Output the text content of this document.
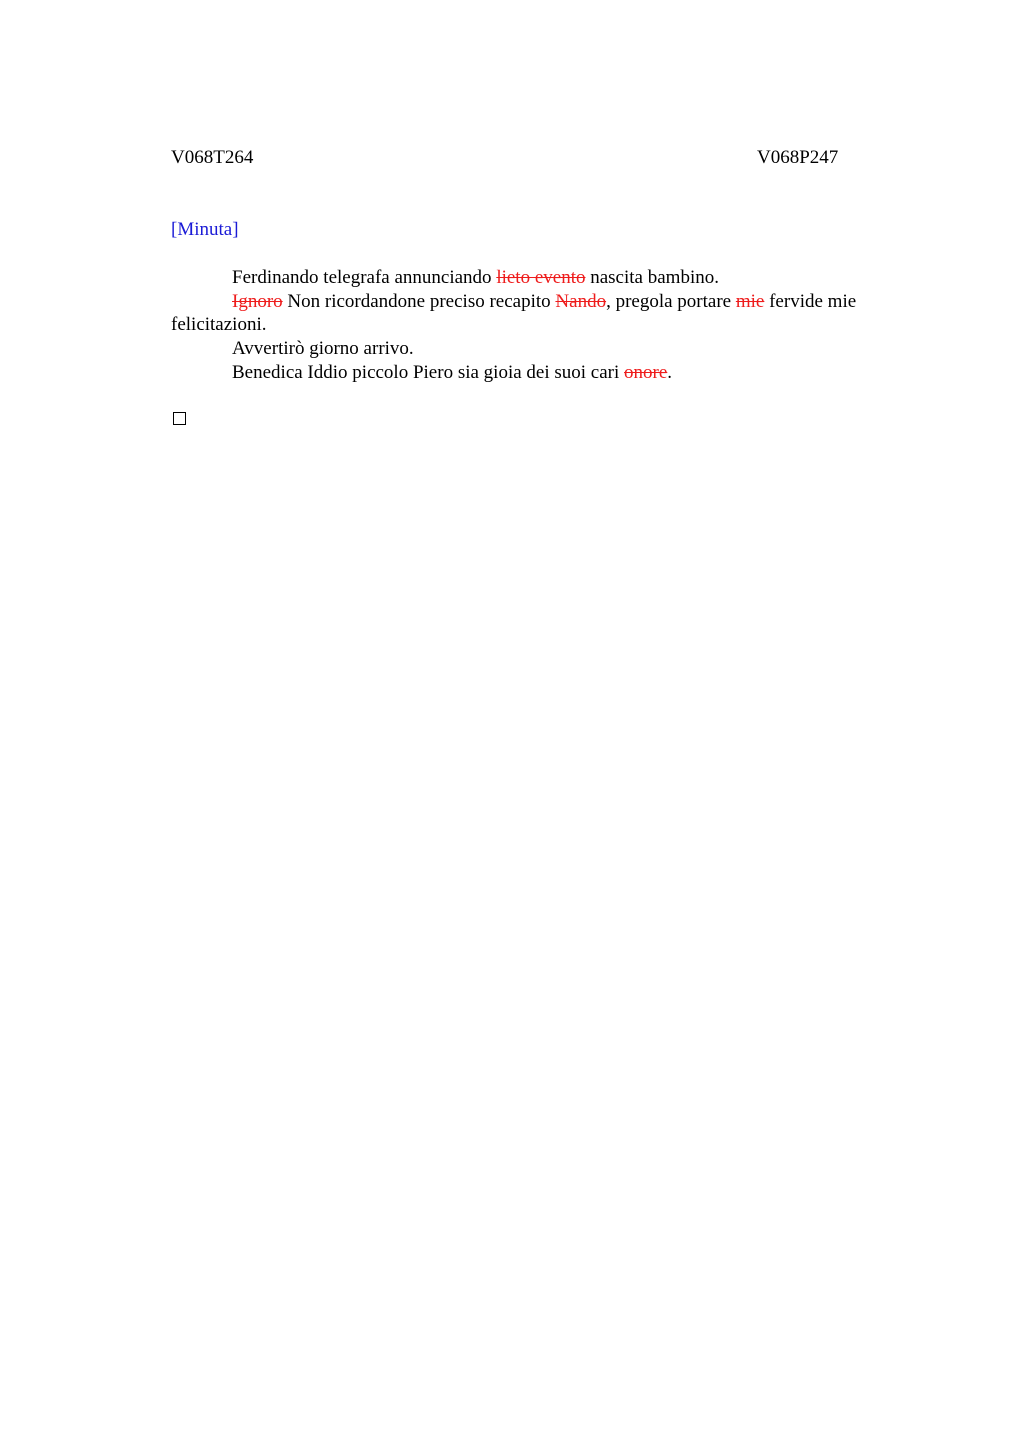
V068T264	V068P247
[Minuta]

Ferdinando telegrafa annunciando lieto evento nascita bambino.

Ignoro Non ricordandone preciso recapito Nando, pregola portare mie fervide mie felicitazioni.

Avvertirò giorno arrivo.

Benedica Iddio piccolo Piero sia gioia dei suoi cari onore.
